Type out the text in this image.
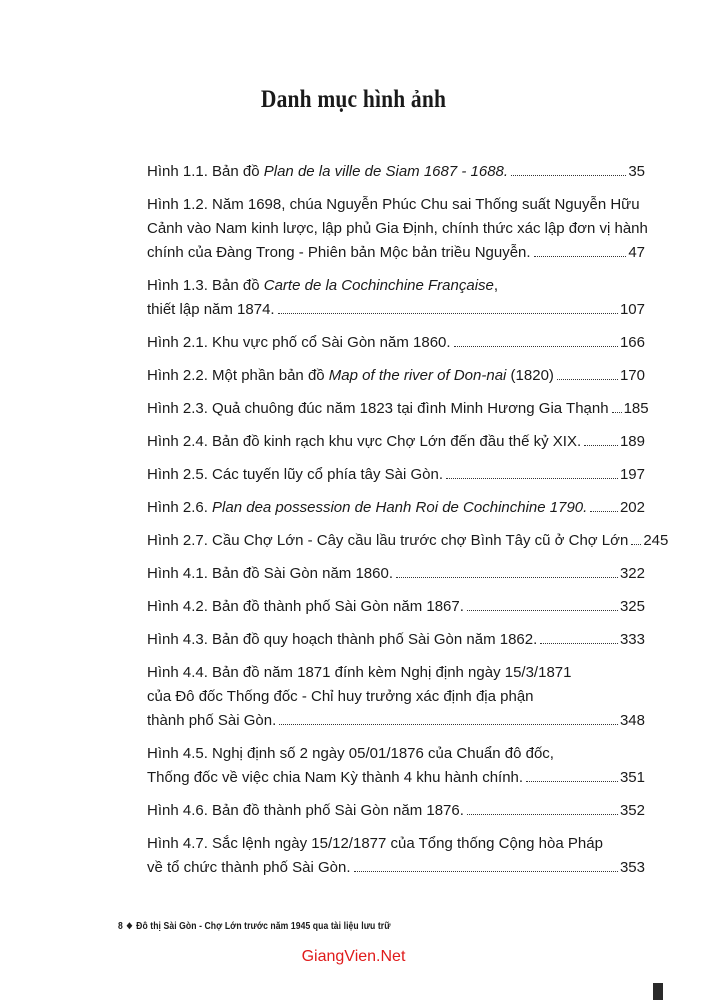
Danh mục hình ảnh
Hình 1.1. Bản đồ Plan de la ville de Siam 1687 - 1688.	35
Hình 1.2. Năm 1698, chúa Nguyễn Phúc Chu sai Thống suất Nguyễn Hữu
Cảnh vào Nam kinh lược, lập phủ Gia Định, chính thức xác lập đơn vị hành
chính của Đàng Trong - Phiên bản Mộc bản triều Nguyễn.	47
Hình 1.3. Bản đồ Carte de la Cochinchine Française,
thiết lập năm 1874.	107
Hình 2.1. Khu vực phố cổ Sài Gòn năm 1860.	166
Hình 2.2. Một phần bản đồ Map of the river of Don-nai (1820)	170
Hình 2.3. Quả chuông đúc năm 1823 tại đình Minh Hương Gia Thạnh 185
Hình 2.4. Bản đồ kinh rạch khu vực Chợ Lớn đến đầu thế kỷ XIX.	189
Hình 2.5. Các tuyến lũy cổ phía tây Sài Gòn.	197
Hình 2.6. Plan dea possession de Hanh Roi de Cochinchine 1790. 202
Hình 2.7. Cầu Chợ Lớn - Cây cầu lầu trước chợ Bình Tây cũ ở Chợ Lớn 245
Hình 4.1. Bản đồ Sài Gòn năm 1860.	322
Hình 4.2. Bản đồ thành phố Sài Gòn năm 1867.	325
Hình 4.3. Bản đồ quy hoạch thành phố Sài Gòn năm 1862.	333
Hình 4.4. Bản đồ năm 1871 đính kèm Nghị định ngày 15/3/1871
của Đô đốc Thống đốc - Chỉ huy trưởng xác định địa phận
thành phố Sài Gòn.	348
Hình 4.5. Nghị định số 2 ngày 05/01/1876 của Chuẩn đô đốc,
Thống đốc về việc chia Nam Kỳ thành 4 khu hành chính.	351
Hình 4.6. Bản đồ thành phố Sài Gòn năm 1876.	352
Hình 4.7. Sắc lệnh ngày 15/12/1877 của Tổng thống Cộng hòa Pháp
về tổ chức thành phố Sài Gòn.	353
8 ❖ Đô thị Sài Gòn - Chợ Lớn trước năm 1945 qua tài liệu lưu trữ
GiangVien.Net
